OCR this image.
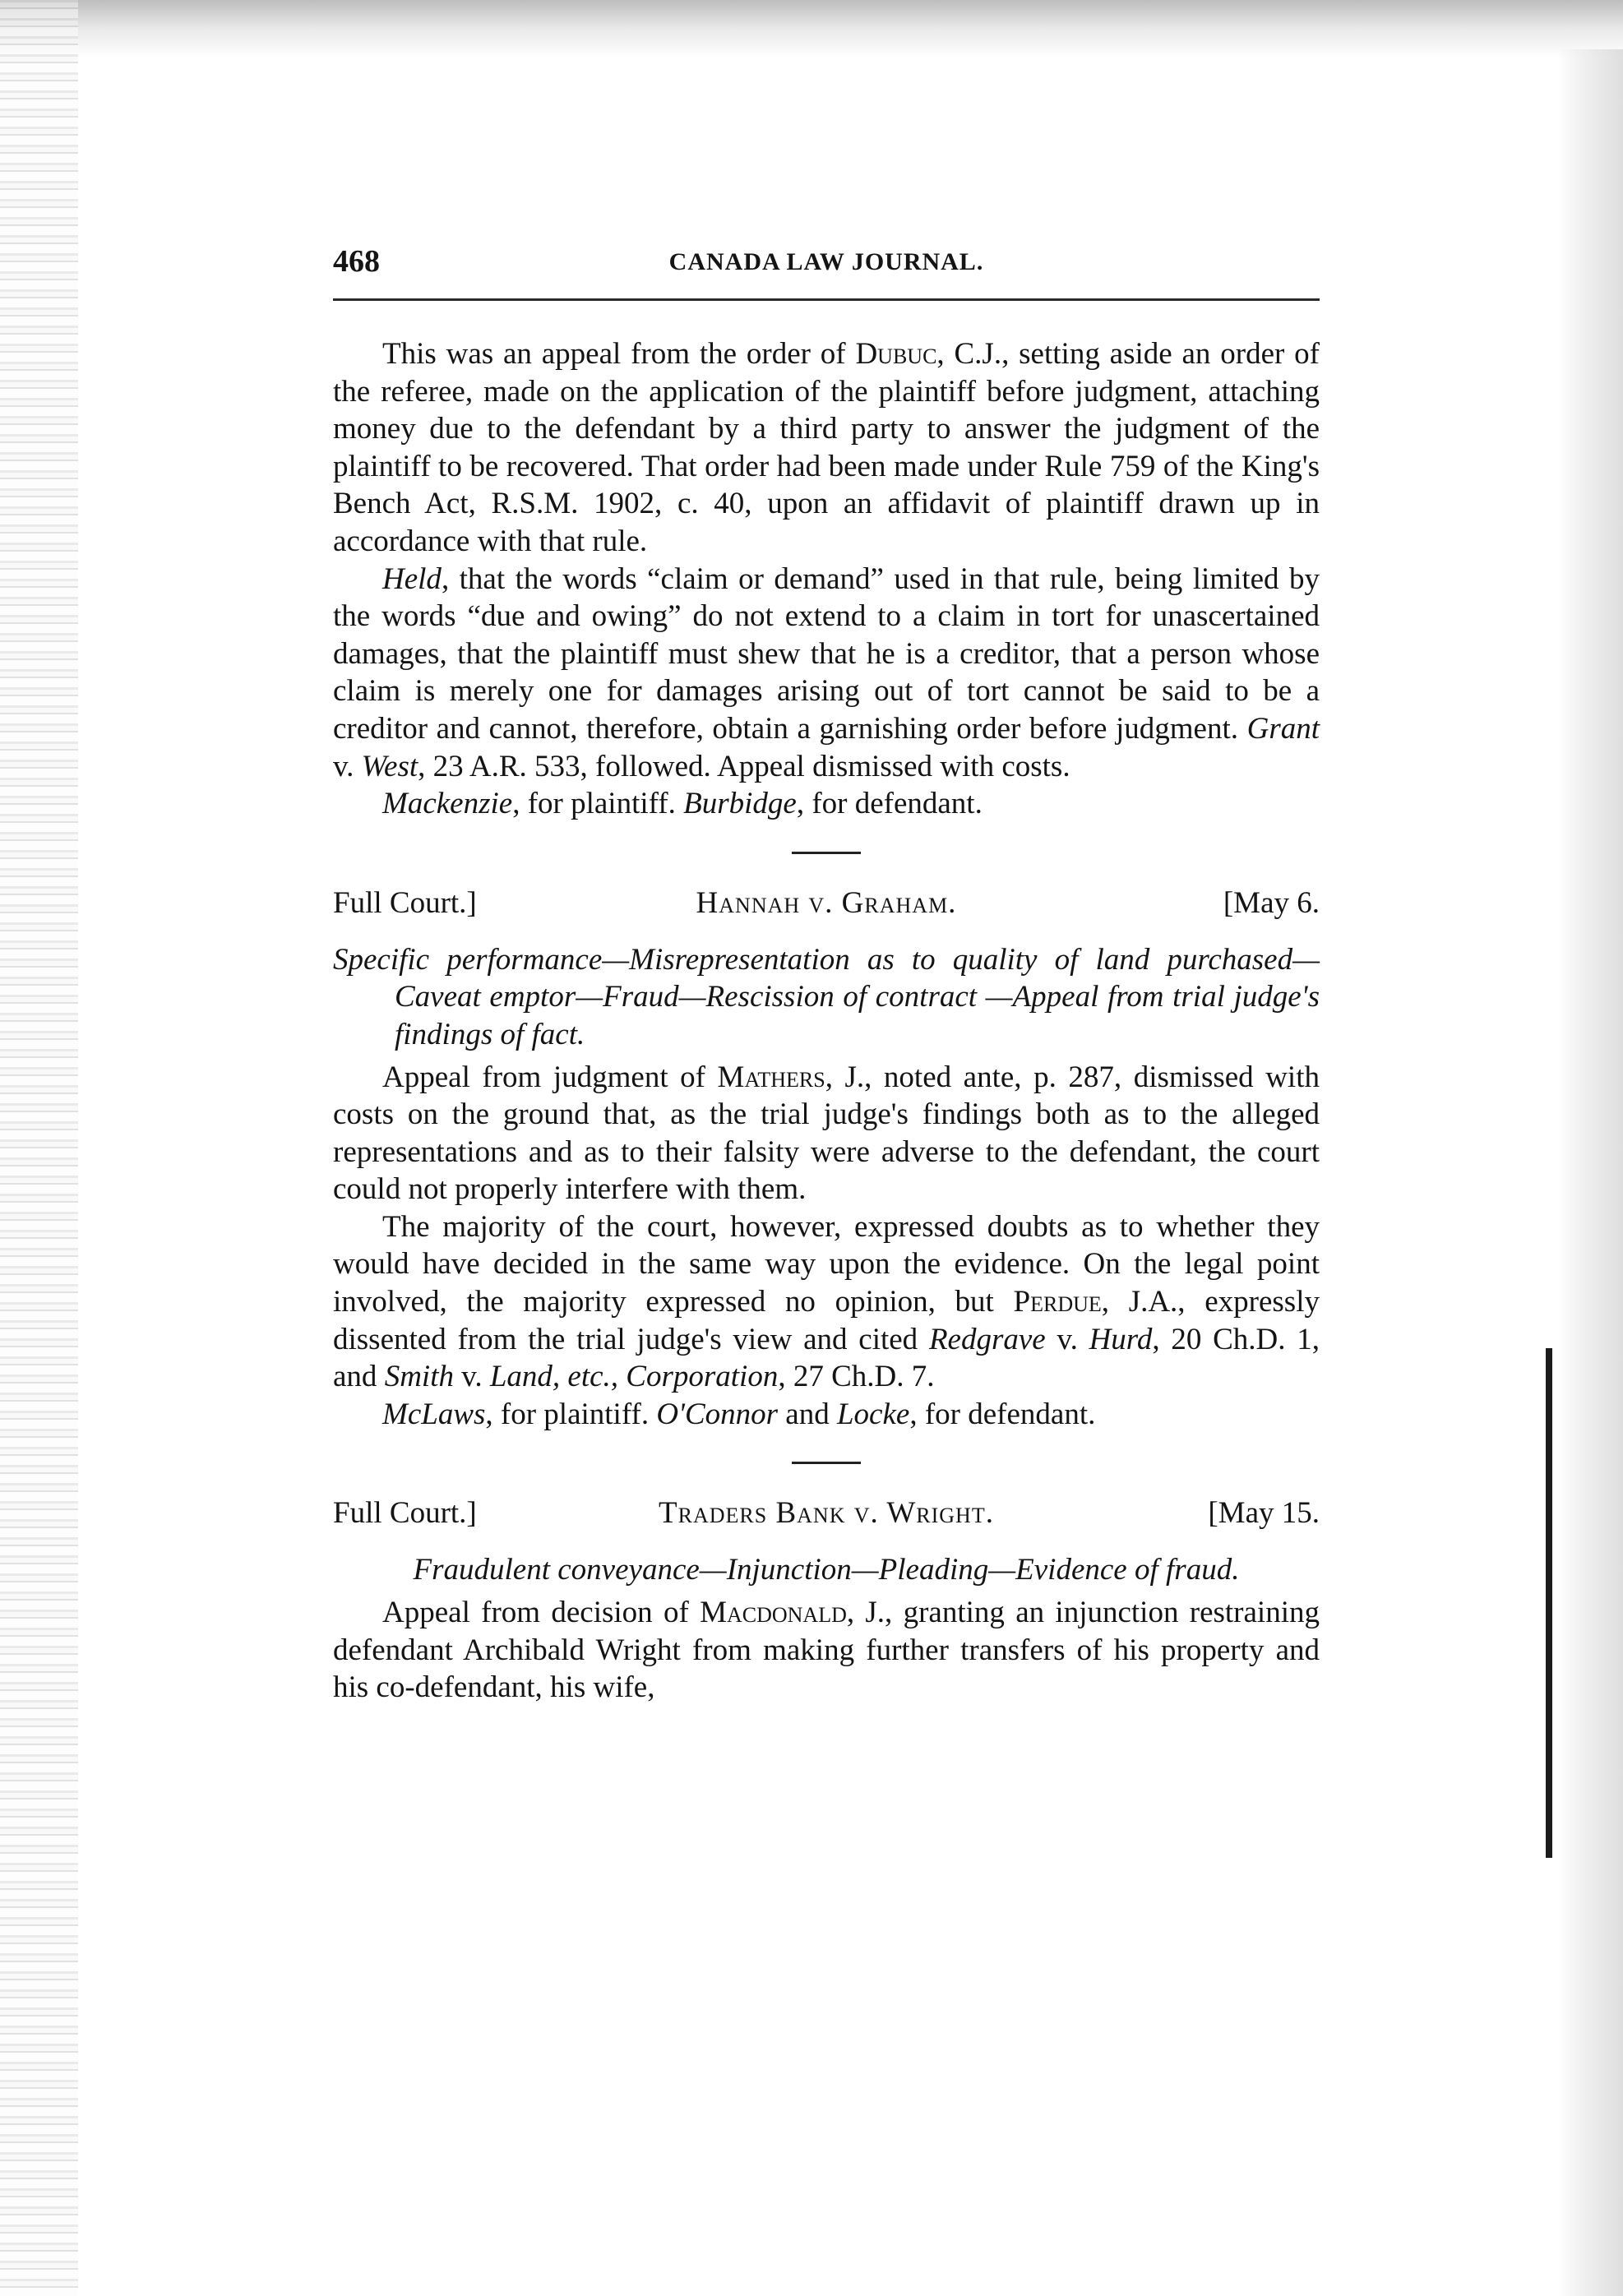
468	CANADA LAW JOURNAL.

This was an appeal from the order of Dubuc, C.J., setting aside an order of the referee, made on the application of the plaintiff before judgment, attaching money due to the defendant by a third party to answer the judgment of the plaintiff to be recovered. That order had been made under Rule 759 of the King's Bench Act, R.S.M. 1902, c. 40, upon an affidavit of plaintiff drawn up in accordance with that rule.

Held, that the words “claim or demand” used in that rule, being limited by the words “due and owing” do not extend to a claim in tort for unascertained damages, that the plaintiff must shew that he is a creditor, that a person whose claim is merely one for damages arising out of tort cannot be said to be a creditor and cannot, therefore, obtain a garnishing order before judgment. Grant v. West, 23 A.R. 533, followed. Appeal dismissed with costs.

Mackenzie, for plaintiff. Burbidge, for defendant.

Full Court.]	Hannah v. Graham.	[May 6.

Specific performance—Misrepresentation as to quality of land purchased—Caveat emptor—Fraud—Rescission of contract —Appeal from trial judge's findings of fact.

Appeal from judgment of Mathers, J., noted ante, p. 287, dismissed with costs on the ground that, as the trial judge's findings both as to the alleged representations and as to their falsity were adverse to the defendant, the court could not properly interfere with them.

The majority of the court, however, expressed doubts as to whether they would have decided in the same way upon the evidence. On the legal point involved, the majority expressed no opinion, but Perdue, J.A., expressly dissented from the trial judge's view and cited Redgrave v. Hurd, 20 Ch.D. 1, and Smith v. Land, etc., Corporation, 27 Ch.D. 7.

McLaws, for plaintiff. O'Connor and Locke, for defendant.

Full Court.]	Traders Bank v. Wright.	[May 15.

Fraudulent conveyance—Injunction—Pleading—Evidence of fraud.

Appeal from decision of Macdonald, J., granting an injunction restraining defendant Archibald Wright from making further transfers of his property and his co-defendant, his wife,
